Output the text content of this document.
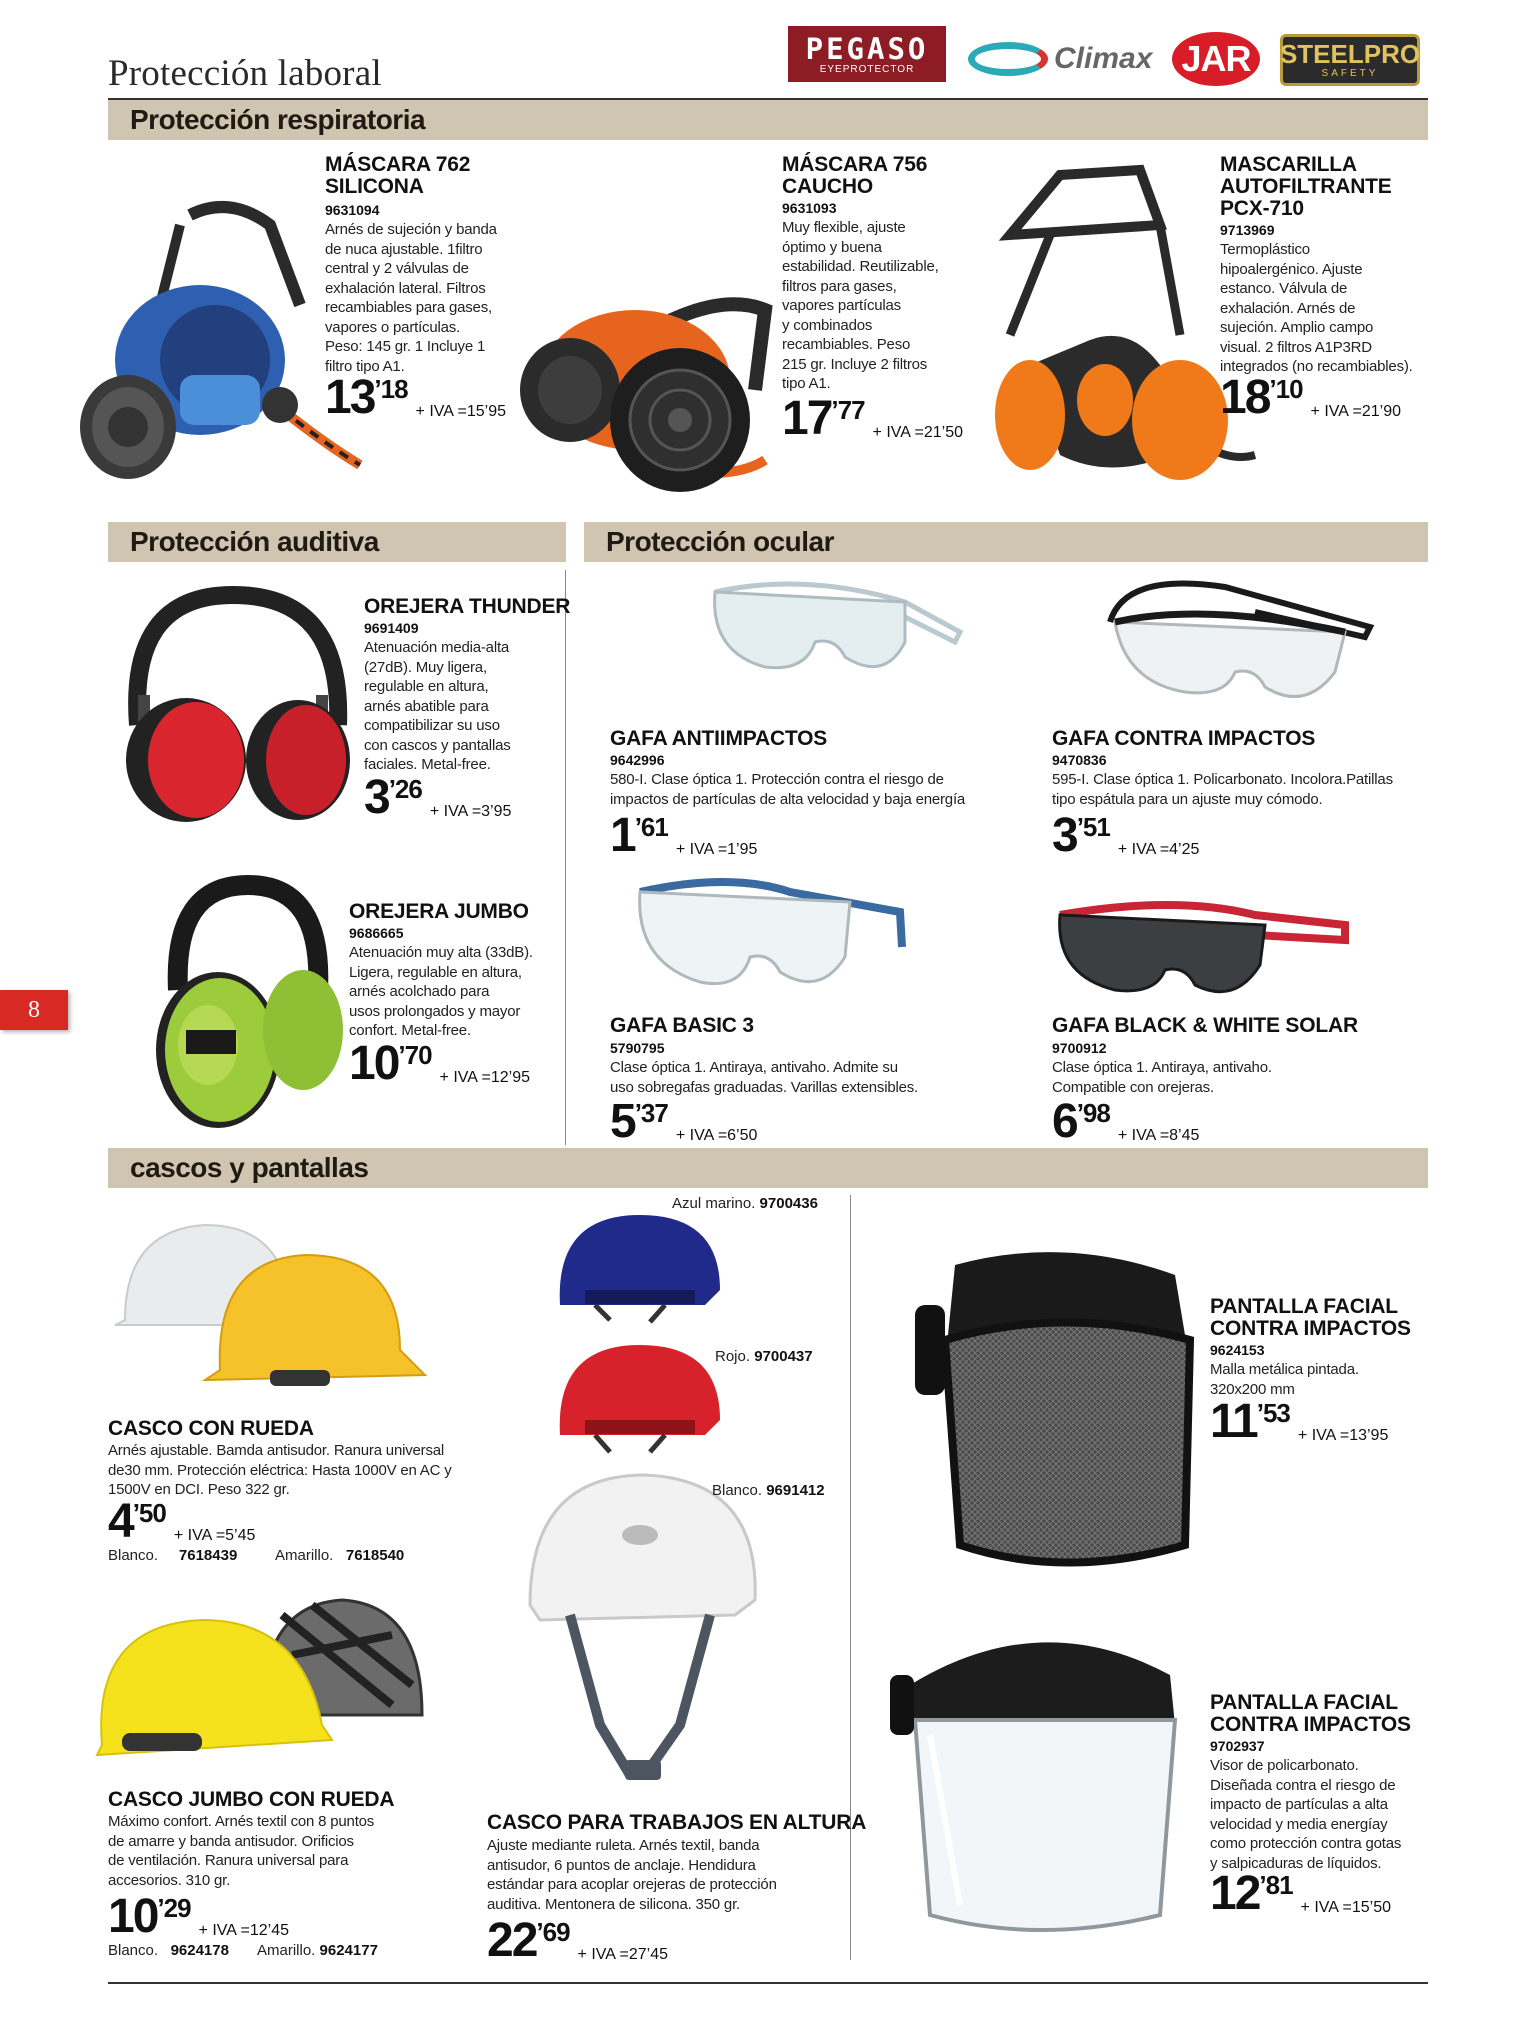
Protección laboral
PEGASO
EYEPROTECTOR	Climax JAR	STEELPRO
SAFETY
8
Protección respiratoria
MÁSCARA 762
SILICONA
9631094
Arnés de sujeción y banda
de nuca ajustable. 1filtro
central y 2 válvulas de
exhalación lateral. Filtros
recambiables para gases,
vapores o partículas.
Peso: 145 gr. 1 Incluye 1
filtro tipo A1.
13 ’18
+ IVA =15’95
MÁSCARA 756
CAUCHO
9631093
Muy flexible, ajuste
óptimo y buena
estabilidad. Reutilizable,
filtros para gases,
vapores partículas
y combinados
recambiables. Peso
215 gr. Incluye 2 filtros
tipo A1.
17 ’77
+ IVA =21’50
MASCARILLA
AUTOFILTRANTE
PCX-710
9713969
Termoplástico
hipoalergénico. Ajuste
estanco. Válvula de
exhalación. Arnés de
sujeción. Amplio campo
visual. 2 filtros A1P3RD
integrados (no recambiables).
18 ’10
+ IVA =21’90
Protección auditiva	Protección ocular
OREJERA THUNDER
9691409
Atenuación media-alta
(27dB). Muy ligera,
regulable en altura,
arnés abatible para
compatibilizar su uso
con cascos y pantallas
faciales. Metal-free.
3 ’26
+ IVA =3’95
OREJERA JUMBO
9686665
Atenuación muy alta (33dB).
Ligera, regulable en altura,
arnés acolchado para
usos prolongados y mayor
confort. Metal-free.
10 ’70
+ IVA =12’95
GAFA ANTIIMPACTOS
9642996
580-I. Clase óptica 1. Protección contra el riesgo de
impactos de partículas de alta velocidad y baja energía
1 ’61
+ IVA =1’95
GAFA CONTRA IMPACTOS
9470836
595-I. Clase óptica 1. Policarbonato. Incolora.Patillas
tipo espátula para un ajuste muy cómodo.
3 ’51
+ IVA =4’25
GAFA BASIC 3
5790795
Clase óptica 1. Antiraya, antivaho. Admite su
uso sobregafas graduadas. Varillas extensibles.
5 ’37
+ IVA =6’50
GAFA BLACK & WHITE SOLAR
9700912
Clase óptica 1. Antiraya, antivaho.
Compatible con orejeras.
6 ’98
+ IVA =8’45
cascos y pantallas
CASCO CON RUEDA
Arnés ajustable. Bamda antisudor. Ranura universal
de30 mm. Protección eléctrica: Hasta 1000V en AC y
1500V en DCI. Peso 322 gr.
4 ’50
+ IVA =5’45
Blanco. 7618439	Amarillo. 7618540
CASCO JUMBO CON RUEDA
Máximo confort. Arnés textil con 8 puntos
de amarre y banda antisudor. Orificios
de ventilación. Ranura universal para
accesorios. 310 gr.
10 ’29
+ IVA =12’45
Blanco. 9624178 Amarillo. 9624177
Azul marino. 9700436
Rojo. 9700437
Blanco. 9691412
CASCO PARA TRABAJOS EN ALTURA
Ajuste mediante ruleta. Arnés textil, banda
antisudor, 6 puntos de anclaje. Hendidura
estándar para acoplar orejeras de protección
auditiva. Mentonera de silicona. 350 gr.
22 ’69
+ IVA =27’45
PANTALLA FACIAL
CONTRA IMPACTOS
9624153
Malla metálica pintada.
320x200 mm
11 ’53
+ IVA =13’95
PANTALLA FACIAL
CONTRA IMPACTOS
9702937
Visor de policarbonato.
Diseñada contra el riesgo de
impacto de partículas a alta
velocidad y media energíay
como protección contra gotas
y salpicaduras de líquidos.
12 ’81
+ IVA =15’50
